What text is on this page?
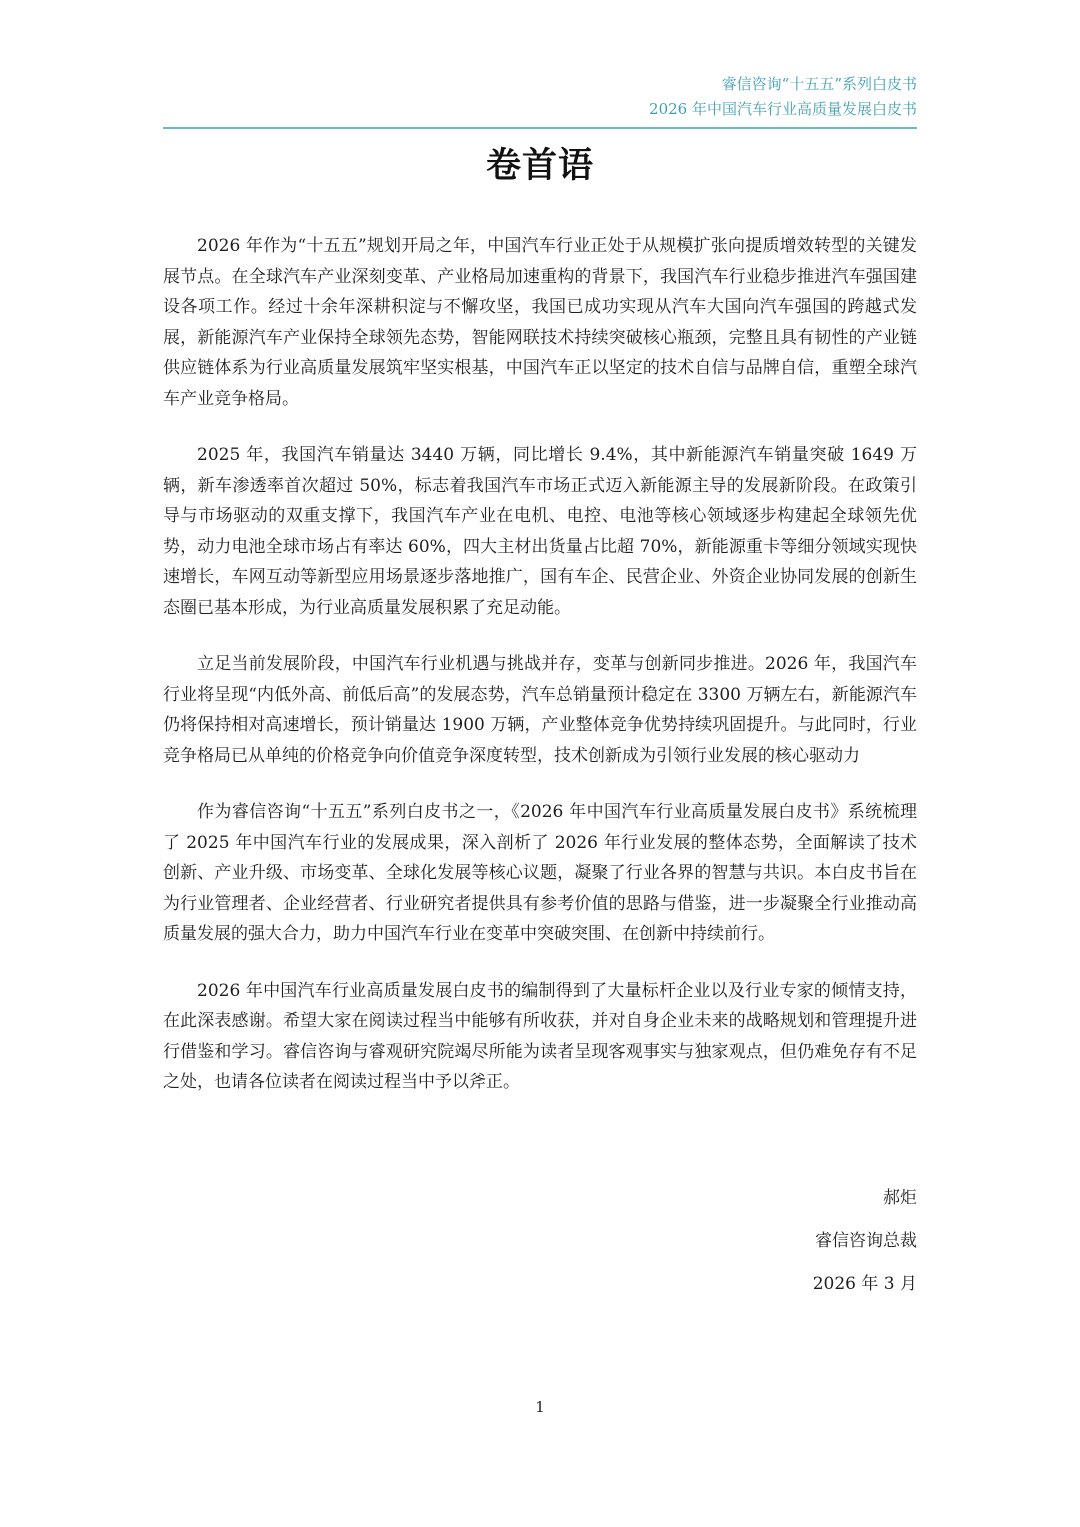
睿信咨询“十五五”系列白皮书
2026 年中国汽车行业高质量发展白皮书
卷首语

2026 年作为“十五五”规划开局之年，中国汽车行业正处于从规模扩张向提质增效转型的关键发展节点。在全球汽车产业深刻变革、产业格局加速重构的背景下，我国汽车行业稳步推进汽车强国建设各项工作。经过十余年深耕积淀与不懈攻坚，我国已成功实现从汽车大国向汽车强国的跨越式发展，新能源汽车产业保持全球领先态势，智能网联技术持续突破核心瓶颈，完整且具有韧性的产业链供应链体系为行业高质量发展筑牢坚实根基，中国汽车正以坚定的技术自信与品牌自信，重塑全球汽车产业竞争格局。

2025 年，我国汽车销量达 3440 万辆，同比增长 9.4%，其中新能源汽车销量突破 1649 万辆，新车渗透率首次超过 50%，标志着我国汽车市场正式迈入新能源主导的发展新阶段。在政策引导与市场驱动的双重支撑下，我国汽车产业在电机、电控、电池等核心领域逐步构建起全球领先优势，动力电池全球市场占有率达 60%，四大主材出货量占比超 70%，新能源重卡等细分领域实现快速增长，车网互动等新型应用场景逐步落地推广，国有车企、民营企业、外资企业协同发展的创新生态圈已基本形成，为行业高质量发展积累了充足动能。

立足当前发展阶段，中国汽车行业机遇与挑战并存，变革与创新同步推进。2026 年，我国汽车行业将呈现“内低外高、前低后高”的发展态势，汽车总销量预计稳定在 3300 万辆左右，新能源汽车仍将保持相对高速增长，预计销量达 1900 万辆，产业整体竞争优势持续巩固提升。与此同时，行业竞争格局已从单纯的价格竞争向价值竞争深度转型，技术创新成为引领行业发展的核心驱动力

作为睿信咨询“十五五”系列白皮书之一，《2026 年中国汽车行业高质量发展白皮书》系统梳理了 2025 年中国汽车行业的发展成果，深入剖析了 2026 年行业发展的整体态势，全面解读了技术创新、产业升级、市场变革、全球化发展等核心议题，凝聚了行业各界的智慧与共识。本白皮书旨在为行业管理者、企业经营者、行业研究者提供具有参考价值的思路与借鉴，进一步凝聚全行业推动高质量发展的强大合力，助力中国汽车行业在变革中突破突围、在创新中持续前行。

2026 年中国汽车行业高质量发展白皮书的编制得到了大量标杆企业以及行业专家的倾情支持，在此深表感谢。希望大家在阅读过程当中能够有所收获，并对自身企业未来的战略规划和管理提升进行借鉴和学习。睿信咨询与睿观研究院竭尽所能为读者呈现客观事实与独家观点，但仍难免存有不足之处，也请各位读者在阅读过程当中予以斧正。

郝炬
睿信咨询总裁
2026 年 3 月
1
